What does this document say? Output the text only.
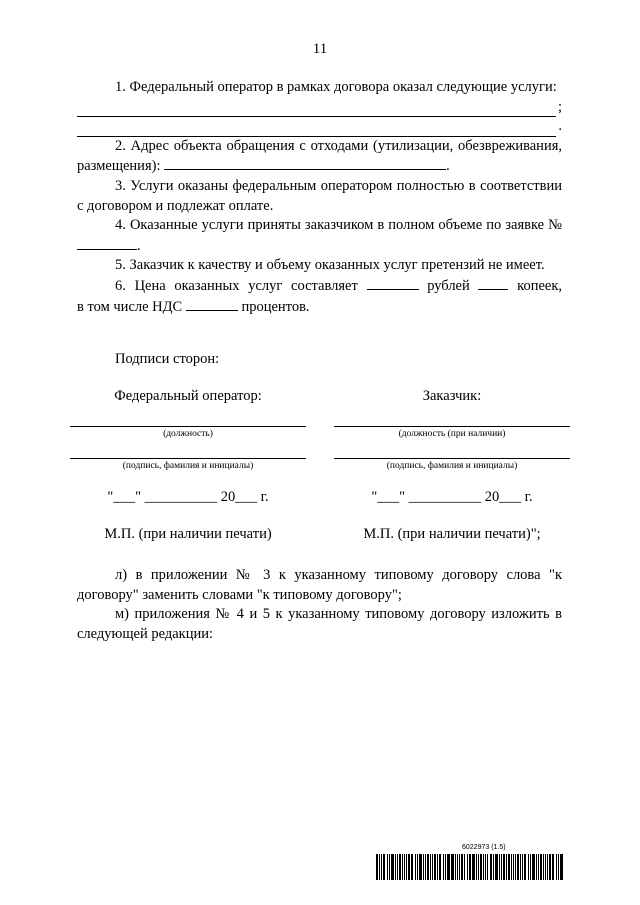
11

1. Федеральный оператор в рамках договора оказал следующие услуги:

;
.

2. Адрес объекта обращения с отходами (утилизации, обезвреживания, размещения):	.

3. Услуги оказаны федеральным оператором полностью в соответствии с договором и подлежат оплате.

4. Оказанные услуги приняты заказчиком в полном объеме по заявке № .

5. Заказчик к качеству и объему оказанных услуг претензий не имеет.

6. Цена оказанных услуг составляет	рублей	копеек,

в том числе НДС	процентов.

Подписи сторон:
Федеральный оператор:
(должность)
(подпись, фамилия и инициалы)
"___" __________ 20___ г.
М.П. (при наличии печати)
Заказчик:
(должность (при наличии)
(подпись, фамилия и инициалы)
"___" __________ 20___ г.
М.П. (при наличии печати)";

л) в приложении № 3 к указанному типовому договору слова "к договору" заменить словами "к типовому договору";

м) приложения № 4 и 5 к указанному типовому договору изложить в следующей редакции:

6022973 (1.5)
